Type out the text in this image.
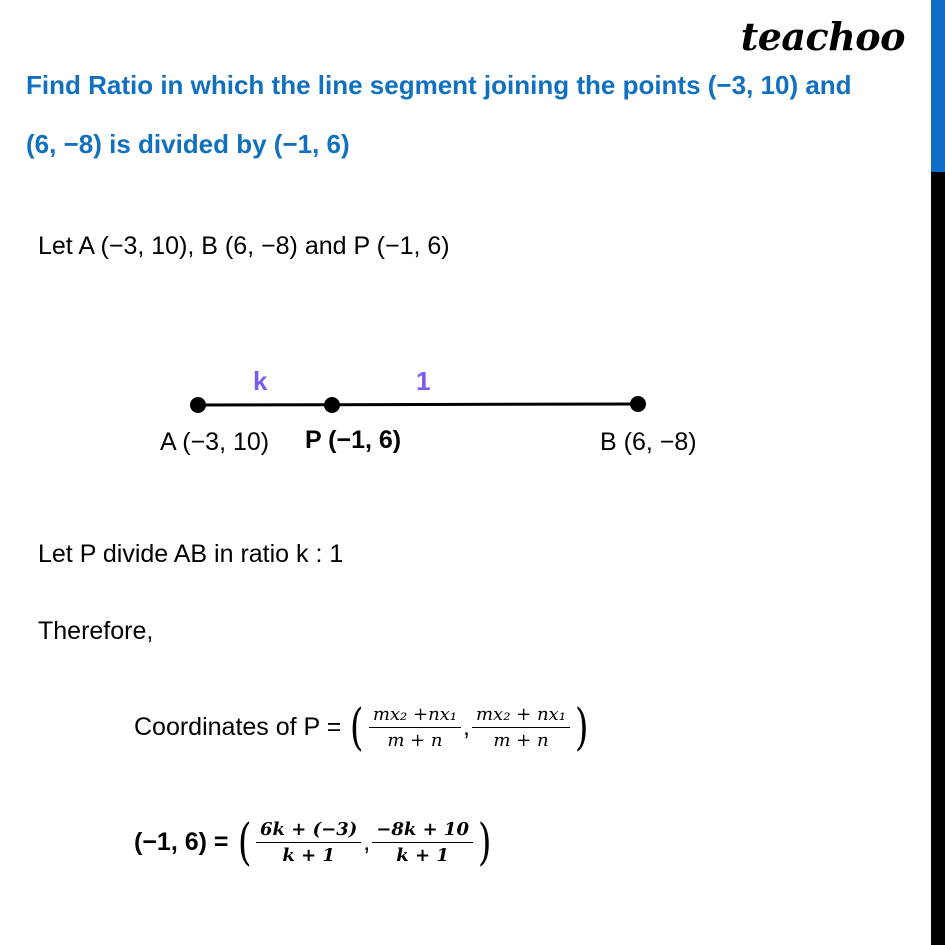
teachoo
Find Ratio in which the line segment joining the points (−3, 10) and
(6, −8) is divided by (−1, 6)
Let A (−3, 10), B (6, −8) and P (−1, 6)
k	1
A (−3, 10) P (−1, 6)	B (6, −8)
Let P divide AB in ratio k : 1
Therefore,
Coordinates of P = ( $\frac{\text{mx₂ +nx₁}}{m + n}$ , $\frac{\text{mx₂ + nx₁}}{m + n}$ )
(−1, 6) = ( $\frac{6k + (-3)}{k + 1}$ , $\frac{-8k + 10}{k + 1}$ )
